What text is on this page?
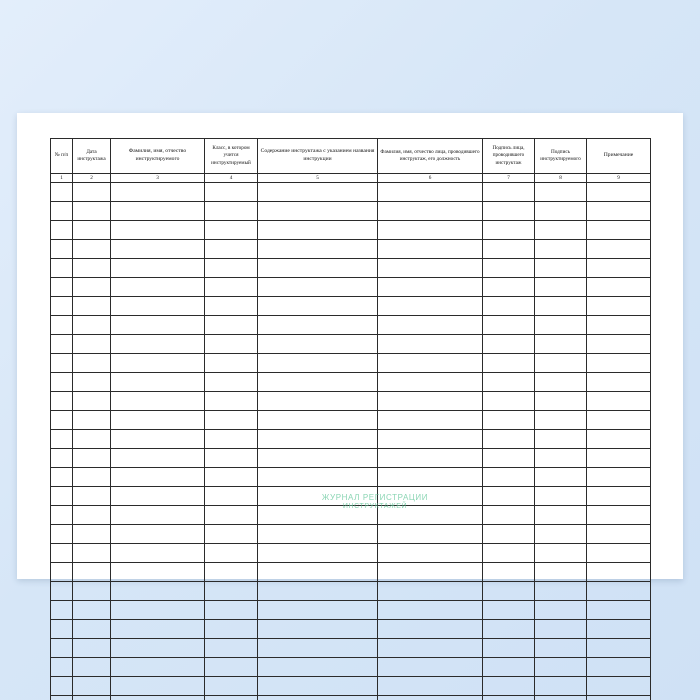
№ п/п	Дата инструктажа	Фамилия, имя, отчество инструктируемого	Класс, в котором учится инструктируемый	Содержание инструктажа с указанием названия инструкции	Фамилия, имя, отчество лица, проводившего инструктаж, его должность	Подпись лица, проводившего инструктаж	Подпись инструктируемого	Примечание
1	2	3	4	5	6	7	8	9

ЖУРНАЛ РЕГИСТРАЦИИ
ИНСТРУКТАЖЕЙ
